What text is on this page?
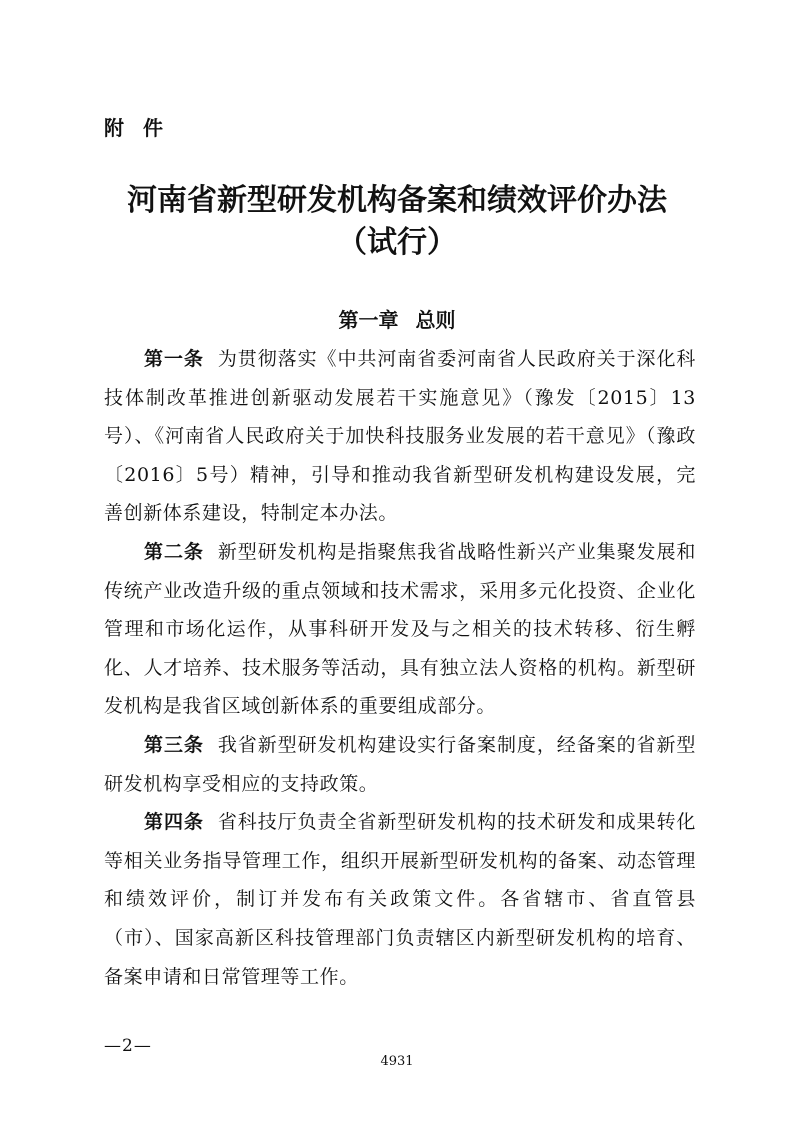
附 件
河南省新型研发机构备案和绩效评价办法
（试行）
第一章 总则

第一条 为贯彻落实《中共河南省委河南省人民政府关于深化科技体制改革推进创新驱动发展若干实施意见》（豫发〔2015〕13号）、《河南省人民政府关于加快科技服务业发展的若干意见》（豫政〔2016〕5号）精神，引导和推动我省新型研发机构建设发展，完善创新体系建设，特制定本办法。

第二条 新型研发机构是指聚焦我省战略性新兴产业集聚发展和传统产业改造升级的重点领域和技术需求，采用多元化投资、企业化管理和市场化运作，从事科研开发及与之相关的技术转移、衍生孵化、人才培养、技术服务等活动，具有独立法人资格的机构。新型研发机构是我省区域创新体系的重要组成部分。

第三条 我省新型研发机构建设实行备案制度，经备案的省新型研发机构享受相应的支持政策。

第四条 省科技厅负责全省新型研发机构的技术研发和成果转化等相关业务指导管理工作，组织开展新型研发机构的备案、动态管理和绩效评价，制订并发布有关政策文件。各省辖市、省直管县（市）、国家高新区科技管理部门负责辖区内新型研发机构的培育、备案申请和日常管理等工作。

—2—
4931
